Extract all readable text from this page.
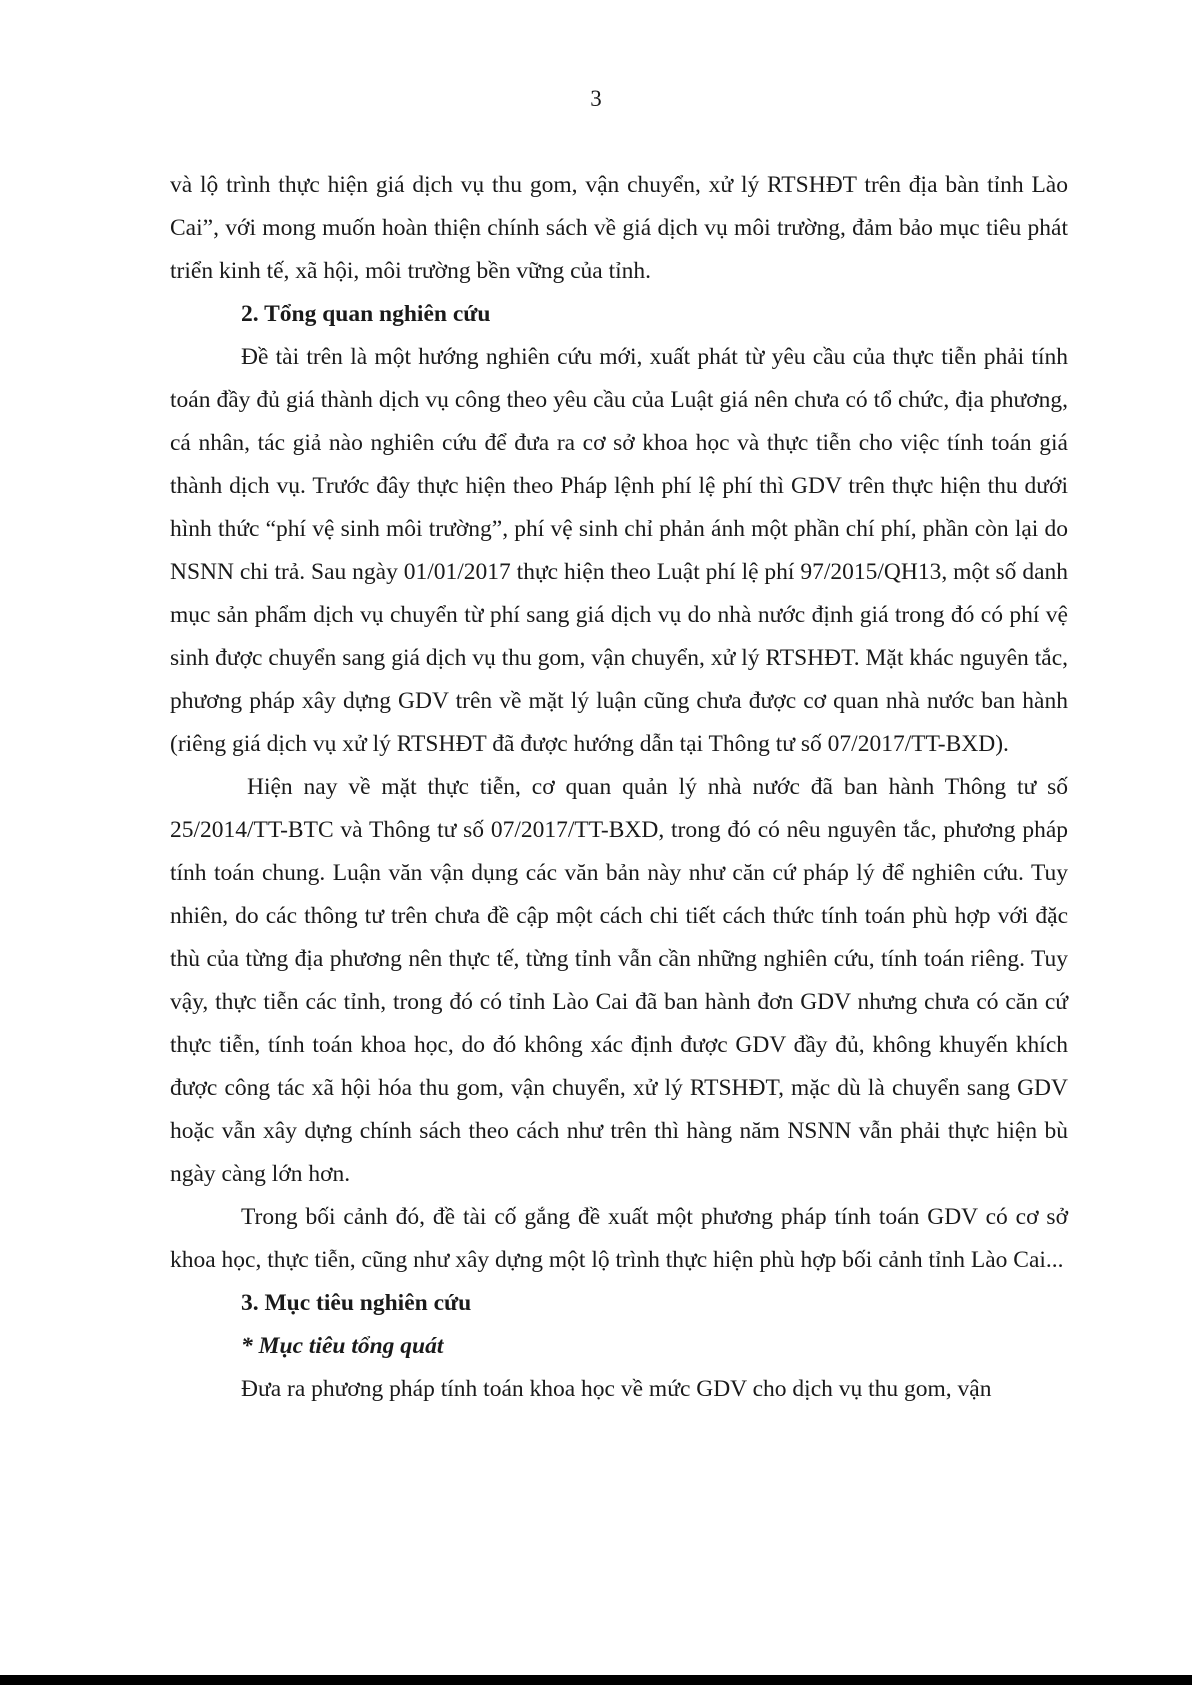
3

và lộ trình thực hiện giá dịch vụ thu gom, vận chuyển, xử lý RTSHĐT trên địa bàn tỉnh Lào Cai”, với mong muốn hoàn thiện chính sách về giá dịch vụ môi trường, đảm bảo mục tiêu phát triển kinh tế, xã hội, môi trường bền vững của tỉnh.

2. Tổng quan nghiên cứu

Đề tài trên là một hướng nghiên cứu mới, xuất phát từ yêu cầu của thực tiễn phải tính toán đầy đủ giá thành dịch vụ công theo yêu cầu của Luật giá nên chưa có tổ chức, địa phương, cá nhân, tác giả nào nghiên cứu để đưa ra cơ sở khoa học và thực tiễn cho việc tính toán giá thành dịch vụ. Trước đây thực hiện theo Pháp lệnh phí lệ phí thì GDV trên thực hiện thu dưới hình thức “phí vệ sinh môi trường”, phí vệ sinh chỉ phản ánh một phần chí phí, phần còn lại do NSNN chi trả. Sau ngày 01/01/2017 thực hiện theo Luật phí lệ phí 97/2015/QH13, một số danh mục sản phẩm dịch vụ chuyển từ phí sang giá dịch vụ do nhà nước định giá trong đó có phí vệ sinh được chuyển sang giá dịch vụ thu gom, vận chuyển, xử lý RTSHĐT. Mặt khác nguyên tắc, phương pháp xây dựng GDV trên về mặt lý luận cũng chưa được cơ quan nhà nước ban hành (riêng giá dịch vụ xử lý RTSHĐT đã được hướng dẫn tại Thông tư số 07/2017/TT-BXD).

Hiện nay về mặt thực tiễn, cơ quan quản lý nhà nước đã ban hành Thông tư số 25/2014/TT-BTC và Thông tư số 07/2017/TT-BXD, trong đó có nêu nguyên tắc, phương pháp tính toán chung. Luận văn vận dụng các văn bản này như căn cứ pháp lý để nghiên cứu. Tuy nhiên, do các thông tư trên chưa đề cập một cách chi tiết cách thức tính toán phù hợp với đặc thù của từng địa phương nên thực tế, từng tỉnh vẫn cần những nghiên cứu, tính toán riêng. Tuy vậy, thực tiễn các tỉnh, trong đó có tỉnh Lào Cai đã ban hành đơn GDV nhưng chưa có căn cứ thực tiễn, tính toán khoa học, do đó không xác định được GDV đầy đủ, không khuyến khích được công tác xã hội hóa thu gom, vận chuyển, xử lý RTSHĐT, mặc dù là chuyển sang GDV hoặc vẫn xây dựng chính sách theo cách như trên thì hàng năm NSNN vẫn phải thực hiện bù ngày càng lớn hơn.

Trong bối cảnh đó, đề tài cố gắng đề xuất một phương pháp tính toán GDV có cơ sở khoa học, thực tiễn, cũng như xây dựng một lộ trình thực hiện phù hợp bối cảnh tỉnh Lào Cai...

3. Mục tiêu nghiên cứu

* Mục tiêu tổng quát

Đưa ra phương pháp tính toán khoa học về mức GDV cho dịch vụ thu gom, vận
